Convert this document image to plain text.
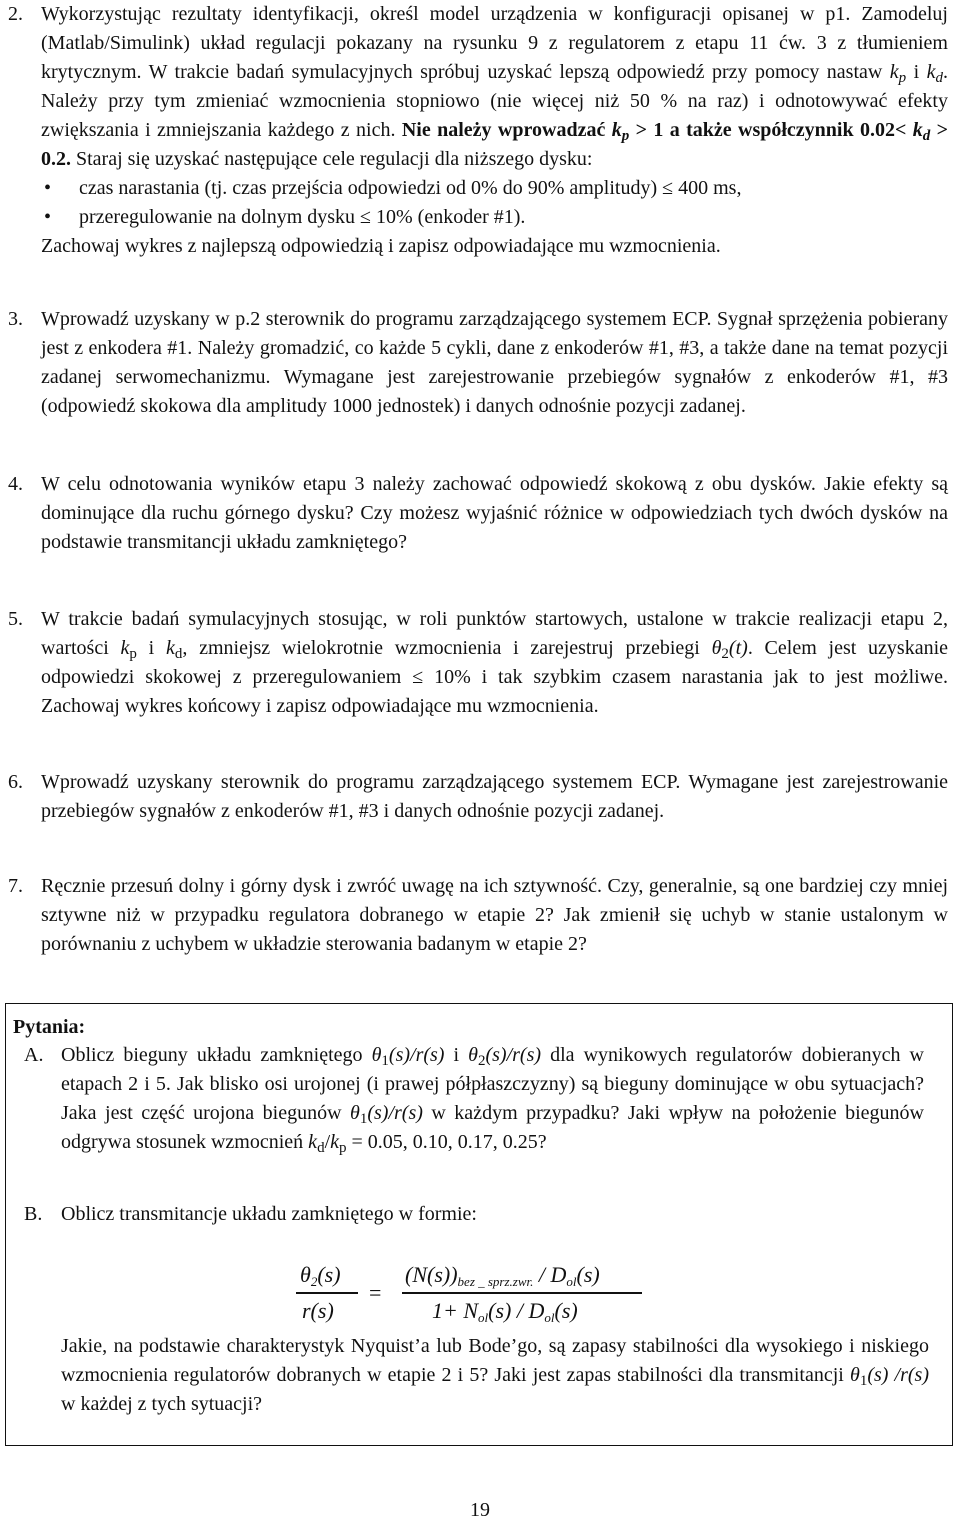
2. Wykorzystując rezultaty identyfikacji, określ model urządzenia w konfiguracji opisanej w p1. Zamodeluj (Matlab/Simulink) układ regulacji pokazany na rysunku 9 z regulatorem z etapu 11 ćw. 3 z tłumieniem krytycznym. W trakcie badań symulacyjnych spróbuj uzyskać lepszą odpowiedź przy pomocy nastaw $k_p$ i $k_d$. Należy przy tym zmieniać wzmocnienia stopniowo (nie więcej niż 50 % na raz) i odnotowywać efekty zwiększania i zmniejszania każdego z nich. Nie należy wprowadzać $k_p > 1$ a także współczynnik $0.02< k_d > 0.2$. Staraj się uzyskać następujące cele regulacji dla niższego dysku:

• czas narastania (tj. czas przejścia odpowiedzi od 0% do 90% amplitudy) ≤ 400 ms,
• przeregulowanie na dolnym dysku ≤ 10% (enkoder #1).
Zachowaj wykres z najlepszą odpowiedzią i zapisz odpowiadające mu wzmocnienia.
3. Wprowadź uzyskany w p.2 sterownik do programu zarządzającego systemem ECP. Sygnał sprzężenia pobierany jest z enkodera #1. Należy gromadzić, co każde 5 cykli, dane z enkoderów #1, #3, a także dane na temat pozycji zadanej serwomechanizmu. Wymagane jest zarejestrowanie przebiegów sygnałów z enkoderów #1, #3 (odpowiedź skokowa dla amplitudy 1000 jednostek) i danych odnośnie pozycji zadanej.
4. W celu odnotowania wyników etapu 3 należy zachować odpowiedź skokową z obu dysków. Jakie efekty są dominujące dla ruchu górnego dysku? Czy możesz wyjaśnić różnice w odpowiedziach tych dwóch dysków na podstawie transmitancji układu zamkniętego?
5. W trakcie badań symulacyjnych stosując, w roli punktów startowych, ustalone w trakcie realizacji etapu 2, wartości $k_p$ i $k_d$, zmniejsz wielokrotnie wzmocnienia i zarejestruj przebiegi $\theta_2(t)$. Celem jest uzyskanie odpowiedzi skokowej z przeregulowaniem ≤ 10% i tak szybkim czasem narastania jak to jest możliwe. Zachowaj wykres końcowy i zapisz odpowiadające mu wzmocnienia.
6. Wprowadź uzyskany sterownik do programu zarządzającego systemem ECP. Wymagane jest zarejestrowanie przebiegów sygnałów z enkoderów #1, #3 i danych odnośnie pozycji zadanej.
7. Ręcznie przesuń dolny i górny dysk i zwróć uwagę na ich sztywność. Czy, generalnie, są one bardziej czy mniej sztywne niż w przypadku regulatora dobranego w etapie 2? Jak zmienił się uchyb w stanie ustalonym w porównaniu z uchybem w układzie sterowania badanym w etapie 2?
Pytania:
A. Oblicz bieguny układu zamkniętego $\theta_1(s)/r(s)$ i $\theta_2(s)/r(s)$ dla wynikowych regulatorów dobieranych w etapach 2 i 5. Jak blisko osi urojonej (i prawej półpłaszczyzny) są bieguny dominujące w obu sytuacjach? Jaka jest część urojona biegunów $\theta_1(s)/r(s)$ w każdym przypadku? Jaki wpływ na położenie biegunów odgrywa stosunek wzmocnień $k_d/k_p = 0.05$, 0.10, 0.17, 0.25?
B. Oblicz transmitancje układu zamkniętego w formie:
θ2(s)
r(s)
=
(N(s))bez _ sprz.zwr. / Dol(s)
1+ Nol(s) / Dol(s)
Jakie, na podstawie charakterystyk Nyquist’a lub Bode’go, są zapasy stabilności dla wysokiego i niskiego wzmocnienia regulatorów dobranych w etapie 2 i 5? Jaki jest zapas stabilności dla transmitancji $\theta_1(s)$ /r(s) w każdej z tych sytuacji?
19
